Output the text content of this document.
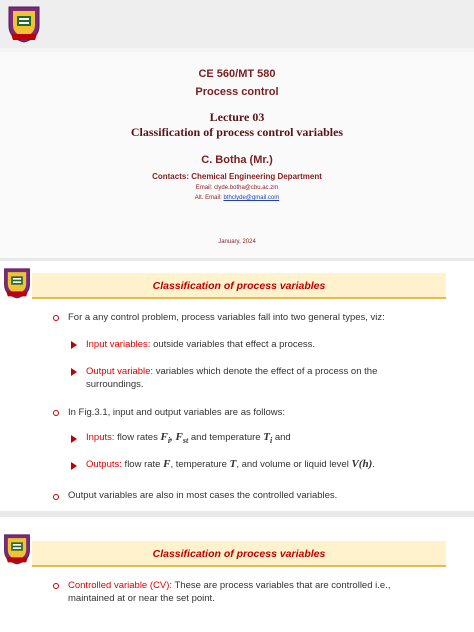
CE 560/MT 580
Process control
Lecture 03
Classification of process control variables
C. Botha (Mr.)
Contacts: Chemical Engineering Department
Email: clyde.botha@cbu.ac.zm
Alt. Email: bthclyde@gmail.com
January, 2024
Classification of process variables
For a any control problem, process variables fall into two general types, viz:
Input variables: outside variables that effect a process.
Output variable: variables which denote the effect of a process on the
surroundings.
In Fig.3.1, input and output variables are as follows:
Inputs: flow rates $F_i$, $F_{st}$ and temperature $T_i$ and
Outputs: flow rate F, temperature T, and volume or liquid level V(h).
Output variables are also in most cases the controlled variables.
Classification of process variables
Controlled variable (CV): These are process variables that are controlled i.e.,
maintained at or near the set point.
